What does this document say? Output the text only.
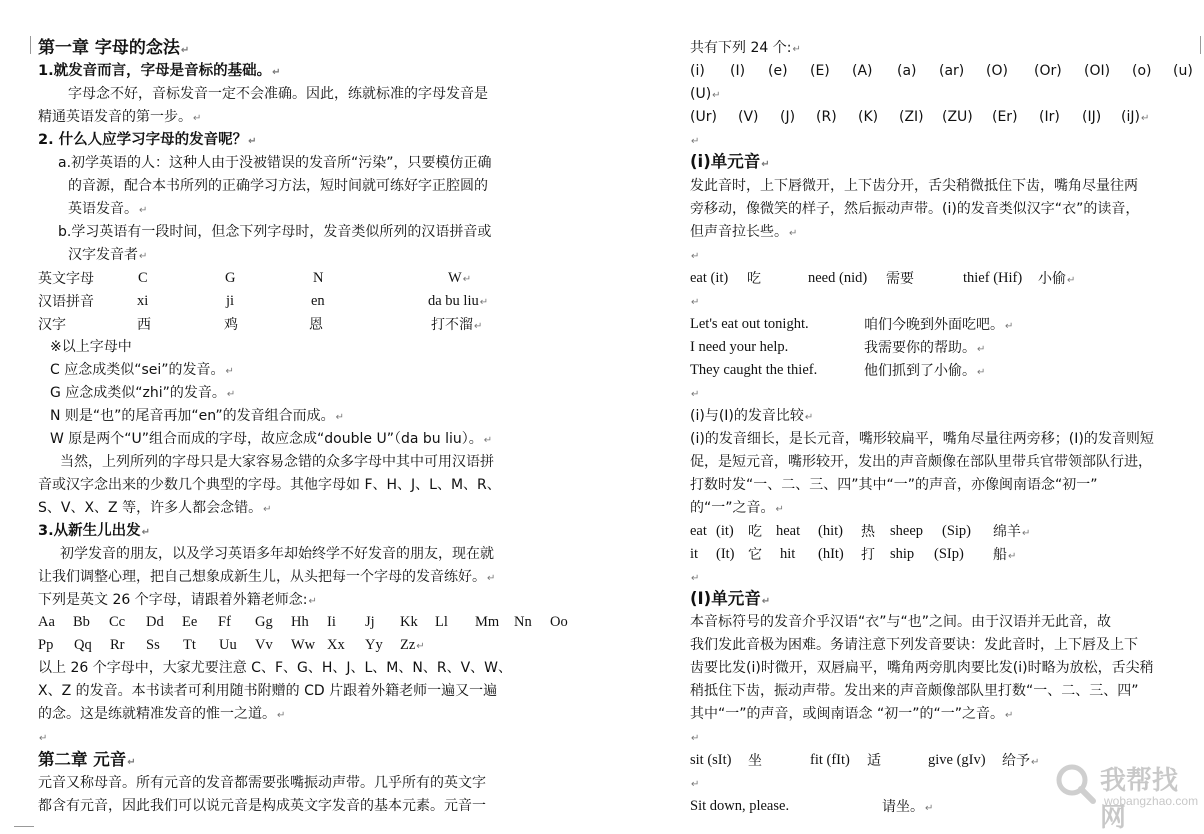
第一章 字母的念法↵
1.就发音而言，字母是音标的基础。↵
字母念不好，音标发音一定不会准确。因此，练就标准的字母发音是
精通英语发音的第一步。↵
2. 什么人应学习字母的发音呢？↵
a.初学英语的人：这种人由于没被错误的发音所“污染”，只要模仿正确
的音源，配合本书所列的正确学习方法，短时间就可练好字正腔圆的
英语发音。↵
b.学习英语有一段时间，但念下列字母时，发音类似所列的汉语拼音或
汉字发音者↵
英文字母	C	G	N	W↵
汉语拼音	xi	ji	en	da bu liu↵
汉字	西	鸡	恩	打不溜↵
※以上字母中
C 应念成类似“sei”的发音。↵
G 应念成类似“zhi”的发音。↵
N 则是“也”的尾音再加“en”的发音组合而成。↵
W 原是两个“U”组合而成的字母，故应念成“double U”（da bu liu）。↵
当然，上列所列的字母只是大家容易念错的众多字母中其中可用汉语拼
音或汉字念出来的少数几个典型的字母。其他字母如 F、H、J、L、M、R、
S、V、X、Z 等，许多人都会念错。↵
3.从新生儿出发↵
初学发音的朋友，以及学习英语多年却始终学不好发音的朋友，现在就
让我们调整心理，把自己想象成新生儿，从头把每一个字母的发音练好。↵
下列是英文 26 个字母，请跟着外籍老师念:↵
Aa Bb Cc Dd Ee Ff Gg Hh Ii Jj Kk Ll Mm Nn Oo
Pp Qq Rr Ss Tt Uu Vv Ww Xx Yy Zz↵
以上 26 个字母中，大家尤要注意 C、F、G、H、J、L、M、N、R、V、W、
X、Z 的发音。本书读者可利用随书附赠的 CD 片跟着外籍老师一遍又一遍
的念。这是练就精准发音的惟一之道。↵
↵
第二章 元音↵
元音又称母音。所有元音的发音都需要张嘴振动声带。几乎所有的英文字
都含有元音，因此我们可以说元音是构成英文字发音的基本元素。元音一
共有下列 24 个:↵
(i) (I) (e) (E) (A) (a) (ar) (O) (Or) (OI) (o) (u)
(U)↵
(Ur) (V) (J) (R) (K) (ZI) (ZU) (Er) (Ir) (IJ) (iJ)↵
↵
(i)单元音↵
发此音时，上下唇微开，上下齿分开，舌尖稍微抵住下齿，嘴角尽量往两
旁移动，像微笑的样子，然后振动声带。(i)的发音类似汉字“衣”的读音，
但声音拉长些。↵
↵
eat (it) 吃	need (nid) 需要	thief (Hif) 小偷↵
↵
Let's eat out tonight.	咱们今晚到外面吃吧。↵
I need your help.	我需要你的帮助。↵
They caught the thief.	他们抓到了小偷。↵
↵
(i)与(I)的发音比较↵
(i)的发音细长，是长元音，嘴形较扁平，嘴角尽量往两旁移；(I)的发音则短
促，是短元音，嘴形较开，发出的声音颇像在部队里带兵官带领部队行进，
打数时发“一、二、三、四”其中“一”的声音，亦像闽南语念“初一”
的“一”之音。↵
eat (it) 吃 heat (hit) 热 sheep (Sip) 绵羊↵
it (It) 它 hit (hIt) 打 ship (SIp) 船↵
↵
(I)单元音↵
本音标符号的发音介乎汉语“衣”与“也”之间。由于汉语并无此音，故
我们发此音极为困难。务请注意下列发音要诀：发此音时，上下唇及上下
齿要比发(i)时微开，双唇扁平，嘴角两旁肌肉要比发(i)时略为放松，舌尖稍
稍抵住下齿，振动声带。发出来的声音颇像部队里打数“一、二、三、四”
其中“一”的声音，或闽南语念 “初一”的“一”之音。↵
↵
sit (sIt) 坐	fit (fIt) 适	give (gIv) 给予↵
↵
Sit down, please.	请坐。↵
我帮找网
wobangzhao.com
